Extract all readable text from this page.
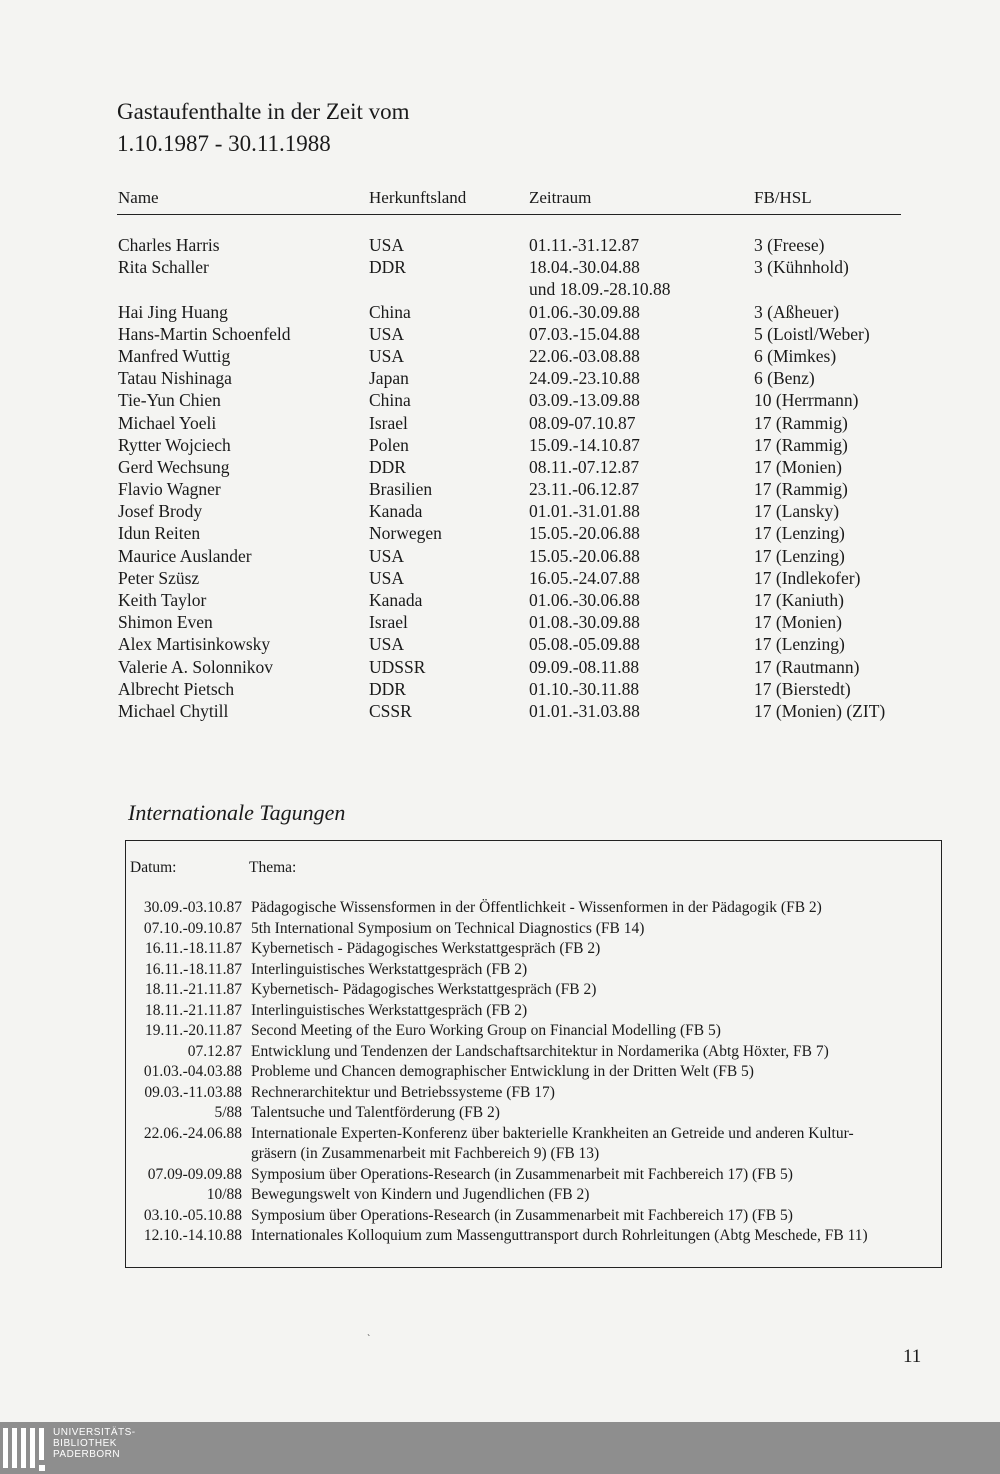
Gastaufenthalte in der Zeit vom
1.10.1987 - 30.11.1988
Name	Herkunftsland	Zeitraum	FB/HSL
Charles Harris	USA	01.11.-31.12.87	3 (Freese)
Rita Schaller	DDR	18.04.-30.04.88	3 (Kühnhold)
und 18.09.-28.10.88
Hai Jing Huang	China	01.06.-30.09.88	3 (Aßheuer)
Hans-Martin Schoenfeld	USA	07.03.-15.04.88	5 (Loistl/Weber)
Manfred Wuttig	USA	22.06.-03.08.88	6 (Mimkes)
Tatau Nishinaga	Japan	24.09.-23.10.88	6 (Benz)
Tie-Yun Chien	China	03.09.-13.09.88	10 (Herrmann)
Michael Yoeli	Israel	08.09-07.10.87	17 (Rammig)
Rytter Wojciech	Polen	15.09.-14.10.87	17 (Rammig)
Gerd Wechsung	DDR	08.11.-07.12.87	17 (Monien)
Flavio Wagner	Brasilien	23.11.-06.12.87	17 (Rammig)
Josef Brody	Kanada	01.01.-31.01.88	17 (Lansky)
Idun Reiten	Norwegen	15.05.-20.06.88	17 (Lenzing)
Maurice Auslander	USA	15.05.-20.06.88	17 (Lenzing)
Peter Szüsz	USA	16.05.-24.07.88	17 (Indlekofer)
Keith Taylor	Kanada	01.06.-30.06.88	17 (Kaniuth)
Shimon Even	Israel	01.08.-30.09.88	17 (Monien)
Alex Martisinkowsky	USA	05.08.-05.09.88	17 (Lenzing)
Valerie A. Solonnikov	UDSSR	09.09.-08.11.88	17 (Rautmann)
Albrecht Pietsch	DDR	01.10.-30.11.88	17 (Bierstedt)
Michael Chytill	CSSR	01.01.-31.03.88	17 (Monien) (ZIT)
Internationale Tagungen
Datum:	Thema:
30.09.-03.10.87 Pädagogische Wissensformen in der Öffentlichkeit - Wissenformen in der Pädagogik (FB 2)
07.10.-09.10.87 5th International Symposium on Technical Diagnostics (FB 14)
16.11.-18.11.87 Kybernetisch - Pädagogisches Werkstattgespräch (FB 2)
16.11.-18.11.87 Interlinguistisches Werkstattgespräch (FB 2)
18.11.-21.11.87 Kybernetisch- Pädagogisches Werkstattgespräch (FB 2)
18.11.-21.11.87 Interlinguistisches Werkstattgespräch (FB 2)
19.11.-20.11.87 Second Meeting of the Euro Working Group on Financial Modelling (FB 5)
07.12.87 Entwicklung und Tendenzen der Landschaftsarchitektur in Nordamerika (Abtg Höxter, FB 7)
01.03.-04.03.88 Probleme und Chancen demographischer Entwicklung in der Dritten Welt (FB 5)
09.03.-11.03.88 Rechnerarchitektur und Betriebssysteme (FB 17)
5/88 Talentsuche und Talentförderung (FB 2)
22.06.-24.06.88 Internationale Experten-Konferenz über bakterielle Krankheiten an Getreide und anderen Kultur-
gräsern (in Zusammenarbeit mit Fachbereich 9) (FB 13)
07.09-09.09.88 Symposium über Operations-Research (in Zusammenarbeit mit Fachbereich 17) (FB 5)
10/88 Bewegungswelt von Kindern und Jugendlichen (FB 2)
03.10.-05.10.88 Symposium über Operations-Research (in Zusammenarbeit mit Fachbereich 17) (FB 5)
12.10.-14.10.88 Internationales Kolloquium zum Massenguttransport durch Rohrleitungen (Abtg Meschede, FB 11)
`
11
UNIVERSITÄTS-
BIBLIOTHEK
PADERBORN
